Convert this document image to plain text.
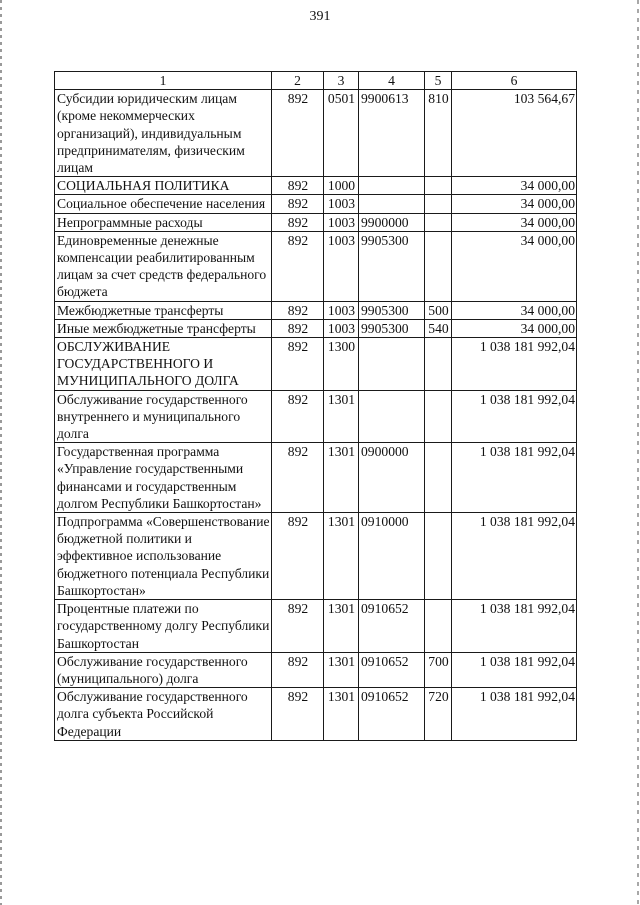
391
1	2	3	4	5	6
Субсидии юридическим лицам (кроме некоммерческих организаций), индивидуальным предпринимателям, физическим лицам	892	0501	9900613	810	103 564,67
СОЦИАЛЬНАЯ ПОЛИТИКА	892	1000			34 000,00
Социальное обеспечение населения	892	1003			34 000,00
Непрограммные расходы	892	1003	9900000		34 000,00
Единовременные денежные компенсации реабилитированным лицам за счет средств федерального бюджета	892	1003	9905300		34 000,00
Межбюджетные трансферты	892	1003	9905300	500	34 000,00
Иные межбюджетные трансферты	892	1003	9905300	540	34 000,00
ОБСЛУЖИВАНИЕ ГОСУДАРСТВЕННОГО И МУНИЦИПАЛЬНОГО ДОЛГА	892	1300			1 038 181 992,04
Обслуживание государственного внутреннего и муниципального долга	892	1301			1 038 181 992,04
Государственная программа «Управление государственными финансами и государственным долгом Республики Башкортостан»	892	1301	0900000		1 038 181 992,04
Подпрограмма «Совершенствование бюджетной политики и эффективное использование бюджетного потенциала Республики Башкортостан»	892	1301	0910000		1 038 181 992,04
Процентные платежи по государственному долгу Республики Башкортостан	892	1301	0910652		1 038 181 992,04
Обслуживание государственного (муниципального) долга	892	1301	0910652	700	1 038 181 992,04
Обслуживание государственного долга субъекта Российской Федерации	892	1301	0910652	720	1 038 181 992,04
